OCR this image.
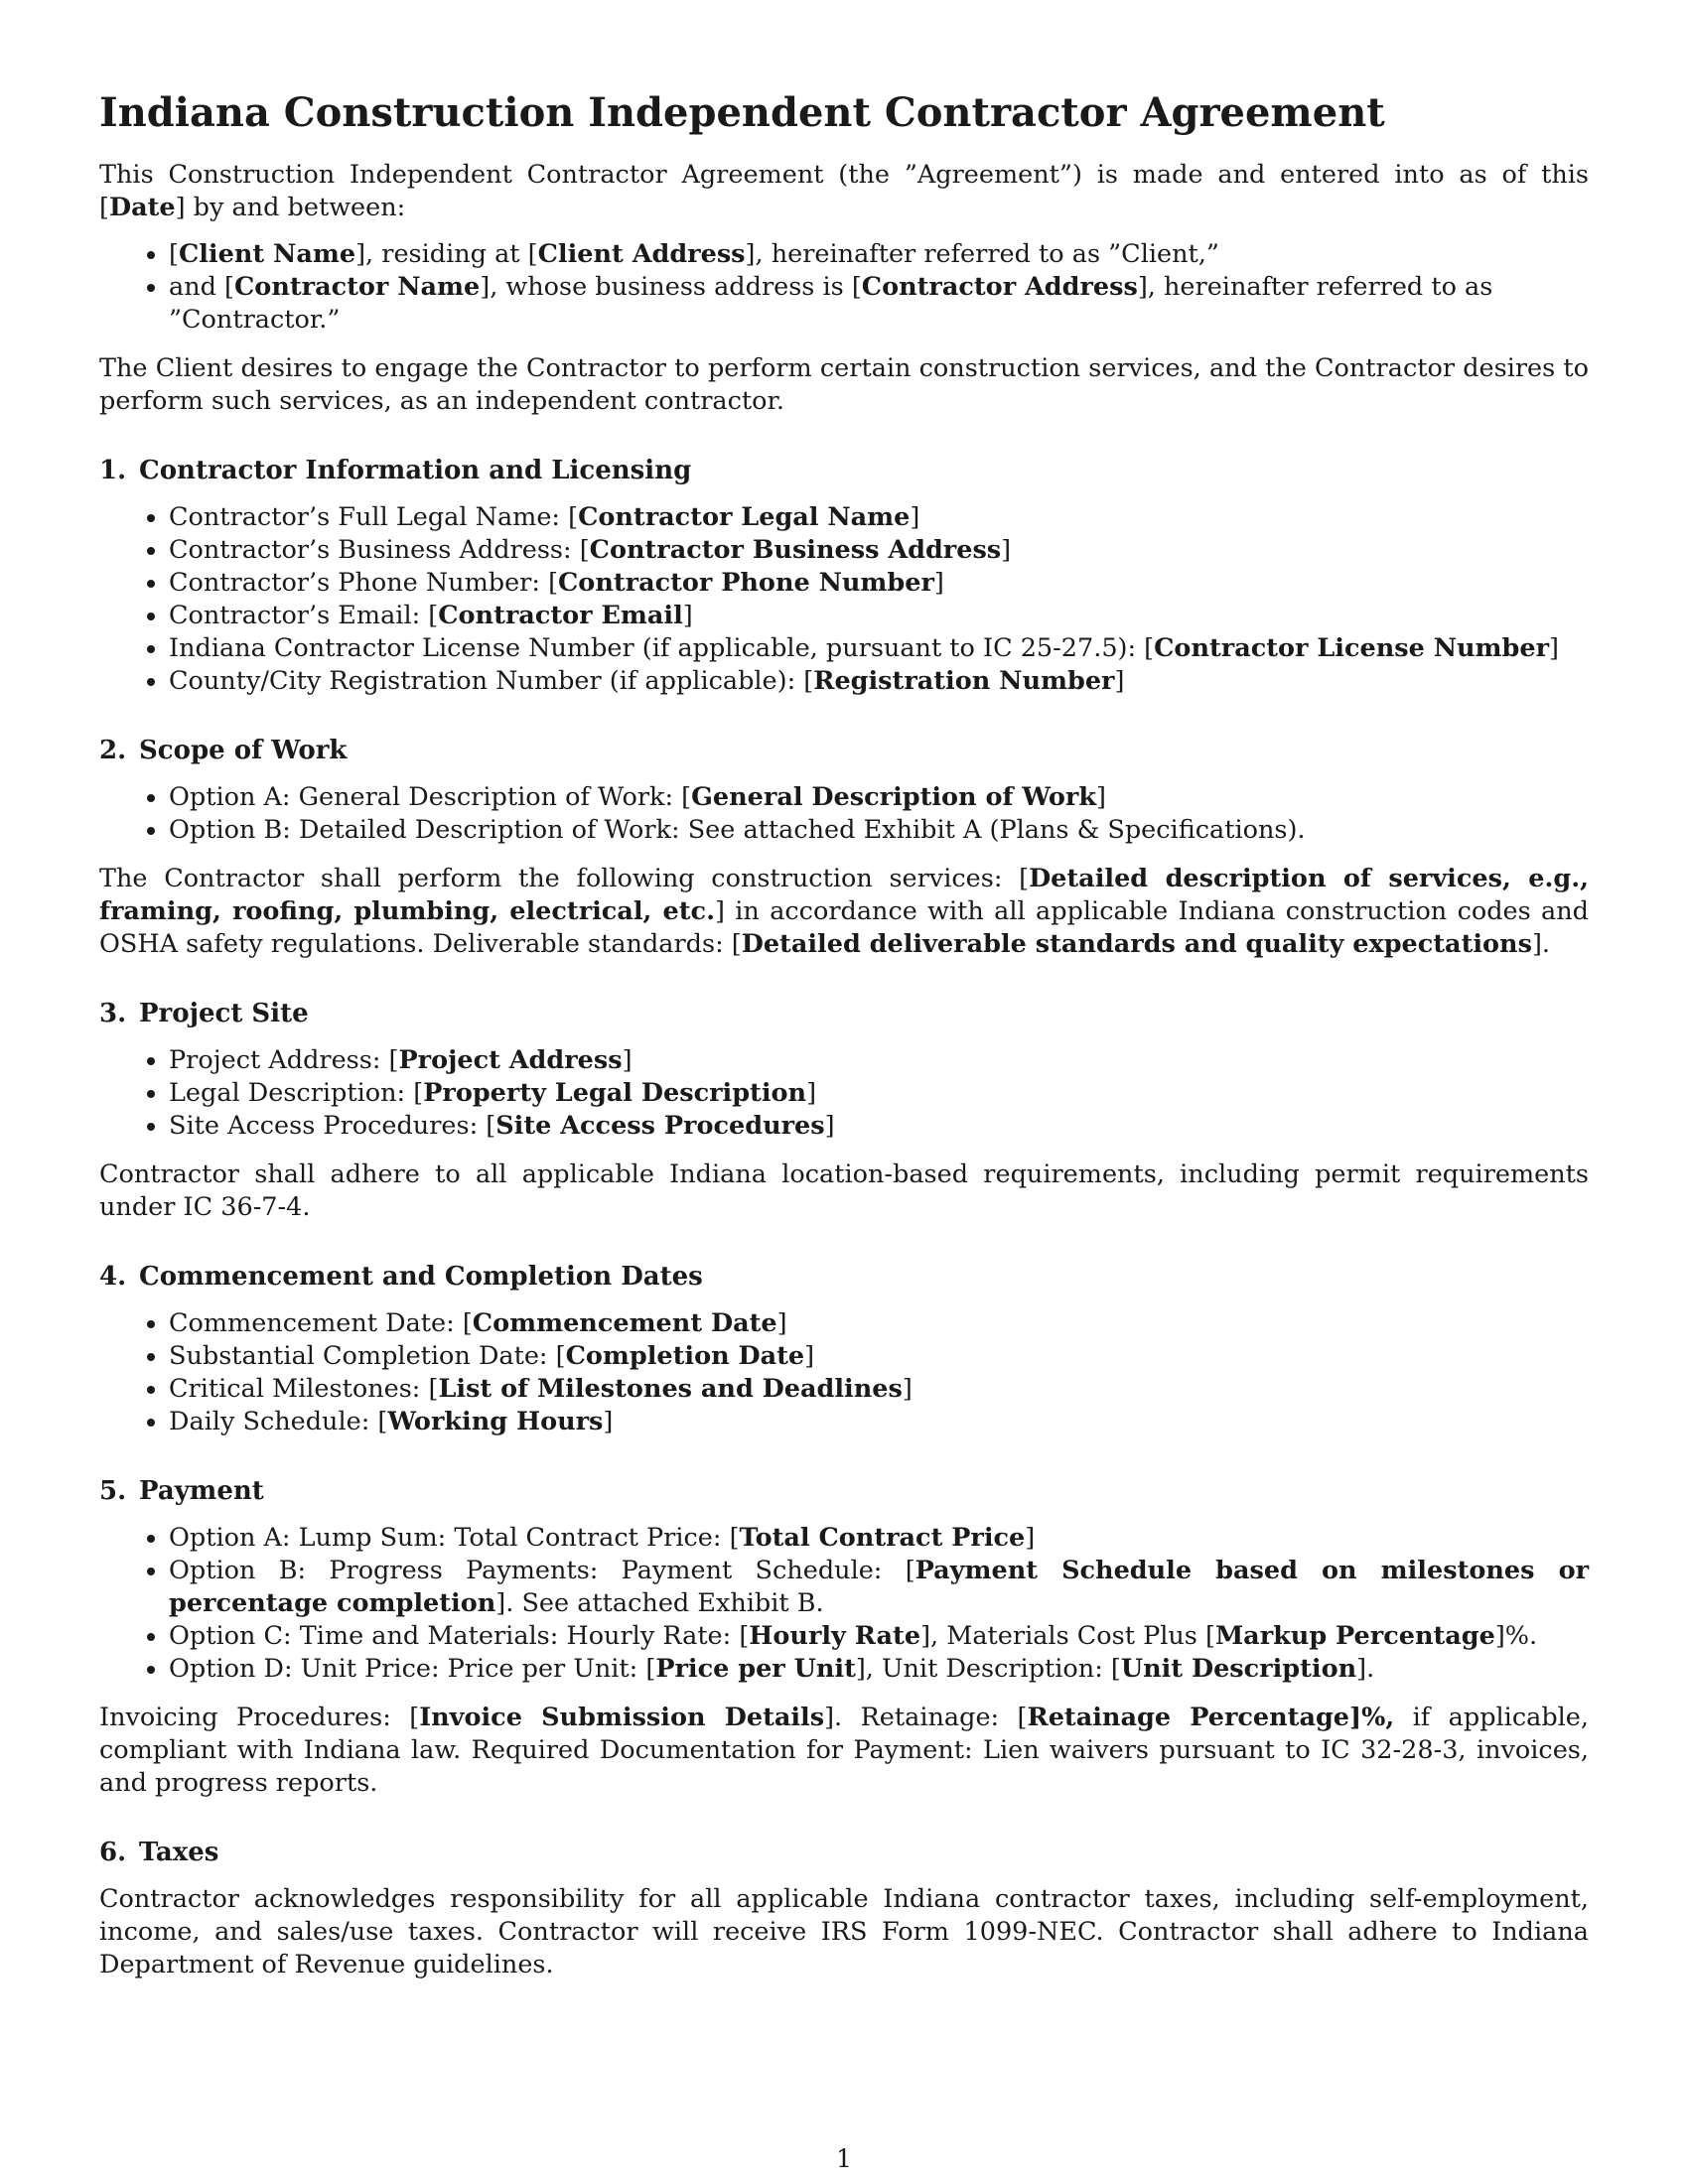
Indiana Construction Independent Contractor Agreement

This Construction Independent Contractor Agreement (the ”Agreement”) is made and entered into as of this [Date] by and between:

• [Client Name], residing at [Client Address], hereinafter referred to as ”Client,”
• and [Contractor Name], whose business address is [Contractor Address], hereinafter referred to as ”Contractor.”

The Client desires to engage the Contractor to perform certain construction services, and the Contractor desires to perform such services, as an independent contractor.

1. Contractor Information and Licensing
• Contractor’s Full Legal Name: [Contractor Legal Name]
• Contractor’s Business Address: [Contractor Business Address]
• Contractor’s Phone Number: [Contractor Phone Number]
• Contractor’s Email: [Contractor Email]
• Indiana Contractor License Number (if applicable, pursuant to IC 25-27.5): [Contractor License Number]
• County/City Registration Number (if applicable): [Registration Number]
2. Scope of Work
• Option A: General Description of Work: [General Description of Work]
• Option B: Detailed Description of Work: See attached Exhibit A (Plans & Specifications).

The Contractor shall perform the following construction services: [Detailed description of services, e.g., framing, roofing, plumbing, electrical, etc.] in accordance with all applicable Indiana construction codes and OSHA safety regulations. Deliverable standards: [Detailed deliverable standards and quality expectations].

3. Project Site
• Project Address: [Project Address]
• Legal Description: [Property Legal Description]
• Site Access Procedures: [Site Access Procedures]

Contractor shall adhere to all applicable Indiana location-based requirements, including permit requirements under IC 36-7-4.

4. Commencement and Completion Dates
• Commencement Date: [Commencement Date]
• Substantial Completion Date: [Completion Date]
• Critical Milestones: [List of Milestones and Deadlines]
• Daily Schedule: [Working Hours]
5. Payment
• Option A: Lump Sum: Total Contract Price: [Total Contract Price]
• Option B: Progress Payments: Payment Schedule: [Payment Schedule based on milestones or percentage completion]. See attached Exhibit B.
• Option C: Time and Materials: Hourly Rate: [Hourly Rate], Materials Cost Plus [Markup Percentage]%.
• Option D: Unit Price: Price per Unit: [Price per Unit], Unit Description: [Unit Description].

Invoicing Procedures: [Invoice Submission Details]. Retainage: [Retainage Percentage]%, if applicable, compliant with Indiana law. Required Documentation for Payment: Lien waivers pursuant to IC 32-28-3, invoices, and progress reports.

6. Taxes

Contractor acknowledges responsibility for all applicable Indiana contractor taxes, including self-employment, income, and sales/use taxes. Contractor will receive IRS Form 1099-NEC. Contractor shall adhere to Indiana Department of Revenue guidelines.

1
